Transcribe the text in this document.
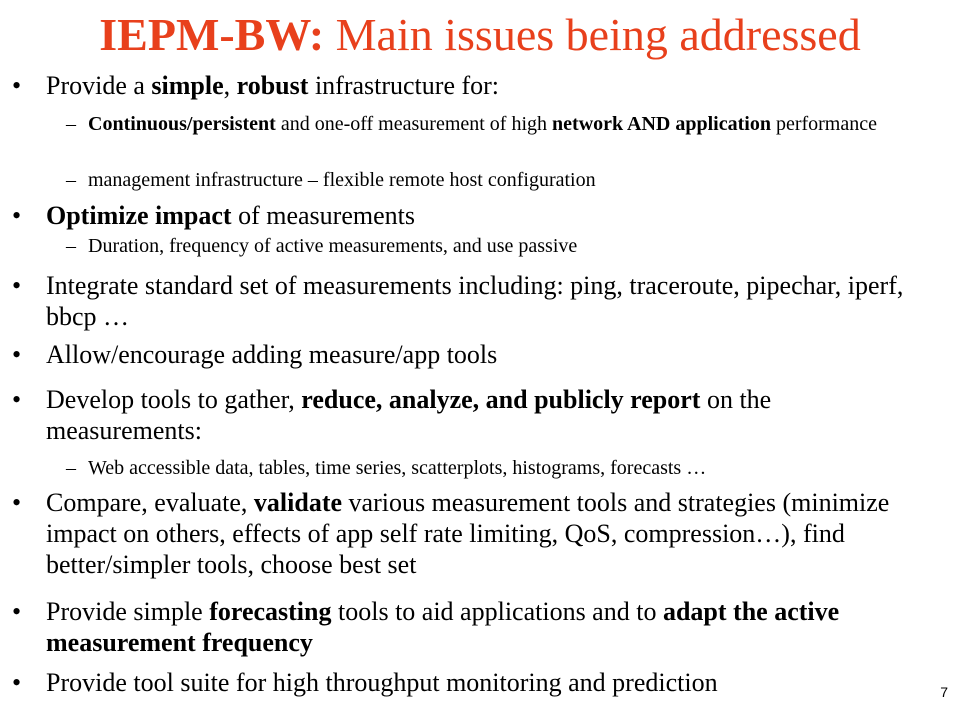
IEPM-BW: Main issues being addressed
• Provide a simple, robust infrastructure for:
– Continuous/persistent and one-off measurement of high network AND application performance
– management infrastructure – flexible remote host configuration
• Optimize impact of measurements
– Duration, frequency of active measurements, and use passive
• Integrate standard set of measurements including: ping, traceroute, pipechar, iperf, bbcp …
• Allow/encourage adding measure/app tools
• Develop tools to gather, reduce, analyze, and publicly report on the measurements:
– Web accessible data, tables, time series, scatterplots, histograms, forecasts …
• Compare, evaluate, validate various measurement tools and strategies (minimize impact on others, effects of app self rate limiting, QoS, compression…), find better/simpler tools, choose best set
• Provide simple forecasting tools to aid applications and to adapt the active measurement frequency
• Provide tool suite for high throughput monitoring and prediction	7
